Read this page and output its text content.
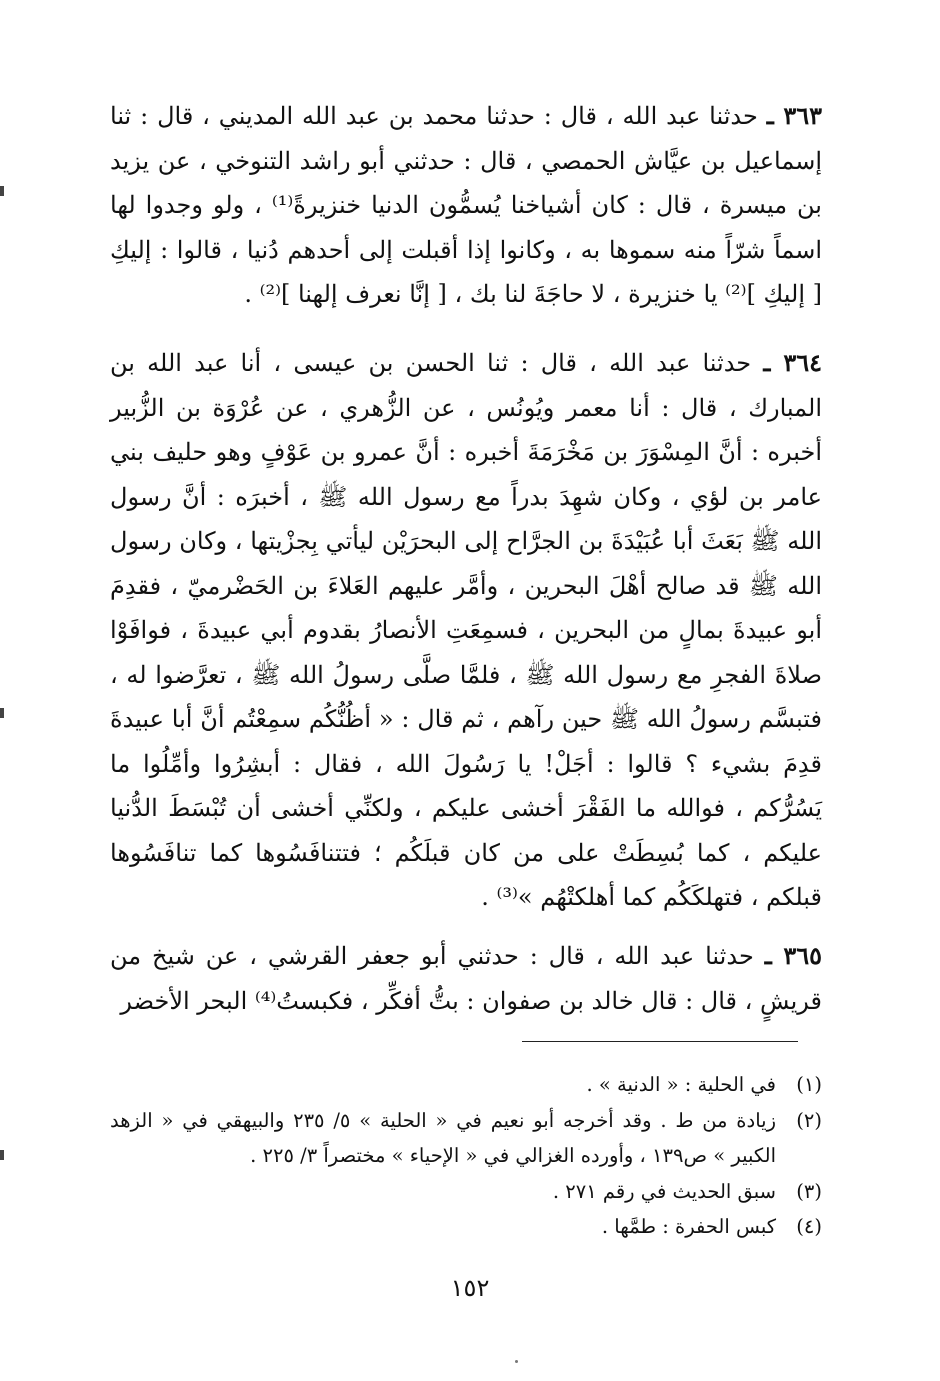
٣٦٣ ـ حدثنا عبد الله ، قال : حدثنا محمد بن عبد الله المديني ، قال : ثنا إسماعيل بن عيَّاش الحمصي ، قال : حدثني أبو راشد التنوخي ، عن يزيد بن ميسرة ، قال : كان أشياخنا يُسمُّون الدنيا خنزيرةً⁽¹⁾ ، ولو وجدوا لها اسماً شرّاً منه سموها به ، وكانوا إذا أقبلت إلى أحدهم دُنيا ، قالوا : إليكِ [ إليكِ ]⁽²⁾ يا خنزيرة ، لا حاجَةَ لنا بك ، [ إنَّا نعرف إلهنا ]⁽²⁾ .

٣٦٤ ـ حدثنا عبد الله ، قال : ثنا الحسن بن عيسى ، أنا عبد الله بن المبارك ، قال : أنا معمر ويُونُس ، عن الزُّهري ، عن عُرْوَة بن الزُّبير أخبره : أنَّ المِسْوَرَ بن مَخْرَمَةَ أخبره : أنَّ عمرو بن عَوْفٍ وهو حليف بني عامر بن لؤي ، وكان شهِدَ بدراً مع رسول الله ﷺ ، أخبرَه : أنَّ رسول الله ﷺ بَعَثَ أبا عُبَيْدَةَ بن الجرَّاح إلى البحرَيْن ليأتي بِجزْيتها ، وكان رسول الله ﷺ قد صالح أهْلَ البحرين ، وأمَّر عليهم العَلاءَ بن الحَضْرميّ ، فقدِمَ أبو عبيدةَ بمالٍ من البحرين ، فسمِعَتِ الأنصارُ بقدوم أبي عبيدةَ ، فوافَوْا صلاةَ الفجرِ مع رسول الله ﷺ ، فلمَّا صلَّى رسولُ الله ﷺ ، تعرَّضوا له ، فتبسَّم رسولُ الله ﷺ حين رآهم ، ثم قال : « أظُنُّكُم سمِعْتُم أنَّ أبا عبيدةَ قدِمَ بشيء ؟ قالوا : أجَلْ! يا رَسُولَ الله ، فقال : أبشِرُوا وأمِّلُوا ما يَسُرُّكم ، فوالله ما الفَقْرَ أخشى عليكم ، ولكنِّي أخشى أن تُبْسَطَ الدُّنيا عليكم ، كما بُسِطَتْ على من كان قبلَكُم ؛ فتتنافَسُوها كما تنافَسُوها قبلكم ، فتهلكَكُم كما أهلكتْهُم »⁽³⁾ .

٣٦٥ ـ حدثنا عبد الله ، قال : حدثني أبو جعفر القرشي ، عن شيخ من قريشٍ ، قال : قال خالد بن صفوان : بتُّ أفكِّر ، فكبستُ⁽⁴⁾ البحر الأخضر

(١)
في الحلية : « الدنية » .
(٢)
زيادة من ط . وقد أخرجه أبو نعيم في « الحلية » ٥/ ٢٣٥ والبيهقي في « الزهد الكبير » ص١٣٩ ، وأورده الغزالي في « الإحياء » مختصراً ٣/ ٢٢٥ .
(٣)
سبق الحديث في رقم ٢٧١ .
(٤)
كبس الحفرة : طمَّها .
١٥٢
